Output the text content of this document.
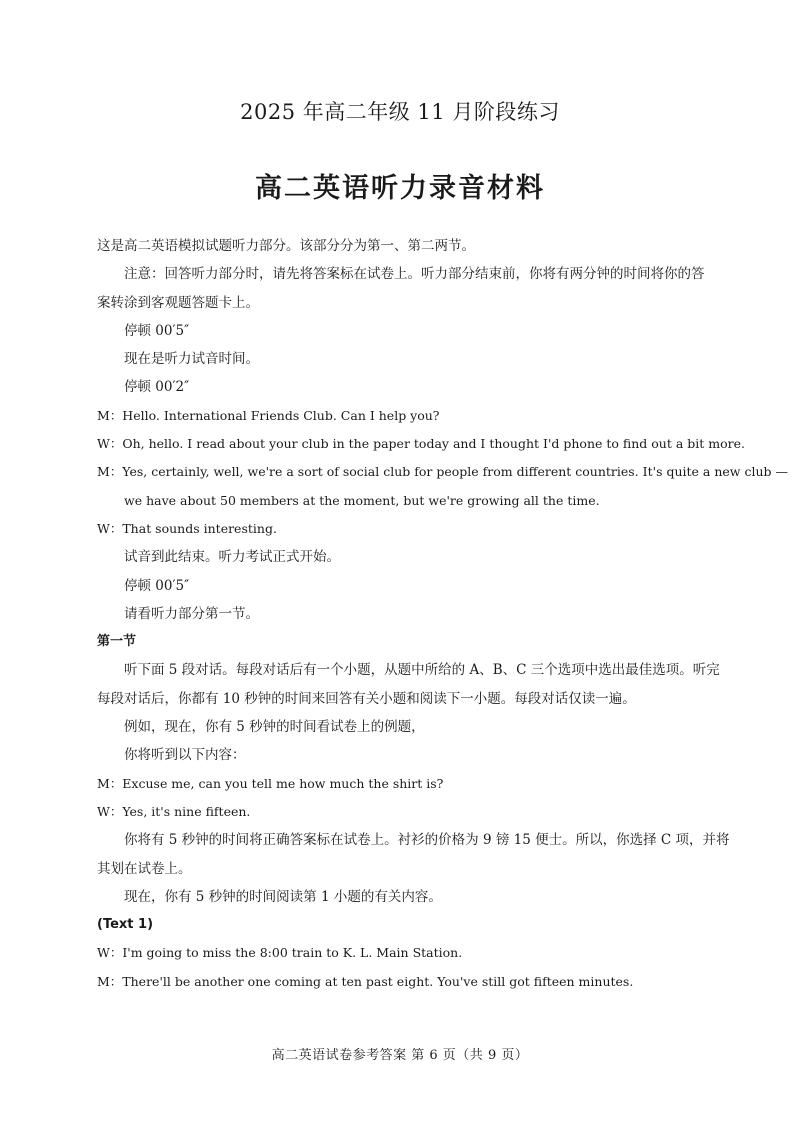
2025 年高二年级 11 月阶段练习
高二英语听力录音材料
这是高二英语模拟试题听力部分。该部分分为第一、第二两节。
注意：回答听力部分时，请先将答案标在试卷上。听力部分结束前，你将有两分钟的时间将你的答
案转涂到客观题答题卡上。
停顿 00′5″
现在是听力试音时间。
停顿 00′2″
M：Hello. International Friends Club. Can I help you?
W：Oh, hello. I read about your club in the paper today and I thought I'd phone to find out a bit more.
M：Yes, certainly, well, we're a sort of social club for people from different countries. It's quite a new club —
we have about 50 members at the moment, but we're growing all the time.
W：That sounds interesting.
试音到此结束。听力考试正式开始。
停顿 00′5″
请看听力部分第一节。
第一节
听下面 5 段对话。每段对话后有一个小题，从题中所给的 A、B、C 三个选项中选出最佳选项。听完
每段对话后，你都有 10 秒钟的时间来回答有关小题和阅读下一小题。每段对话仅读一遍。
例如，现在，你有 5 秒钟的时间看试卷上的例题，
你将听到以下内容：
M：Excuse me, can you tell me how much the shirt is?
W：Yes, it's nine fifteen.
你将有 5 秒钟的时间将正确答案标在试卷上。衬衫的价格为 9 镑 15 便士。所以，你选择 C 项，并将
其划在试卷上。
现在，你有 5 秒钟的时间阅读第 1 小题的有关内容。
(Text 1)
W：I'm going to miss the 8:00 train to K. L. Main Station.
M：There'll be another one coming at ten past eight. You've still got fifteen minutes.
高二英语试卷参考答案 第 6 页（共 9 页）
